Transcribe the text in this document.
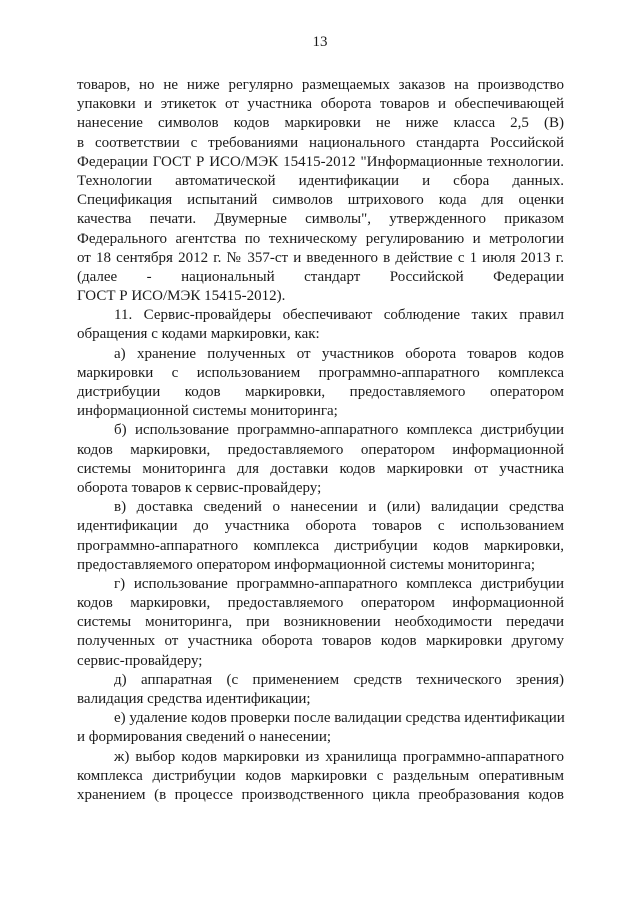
13
товаров, но не ниже регулярно размещаемых заказов на производство
упаковки и этикеток от участника оборота товаров и обеспечивающей
нанесение символов кодов маркировки не ниже класса 2,5 (В)
в соответствии с требованиями национального стандарта Российской
Федерации ГОСТ Р ИСО/МЭК 15415-2012 "Информационные технологии.
Технологии автоматической идентификации и сбора данных.
Спецификация испытаний символов штрихового кода для оценки
качества печати. Двумерные символы", утвержденного приказом
Федерального агентства по техническому регулированию и метрологии
от 18 сентября 2012 г. № 357-ст и введенного в действие с 1 июля 2013 г.
(далее - национальный стандарт Российской Федерации
ГОСТ Р ИСО/МЭК 15415-2012).
11. Сервис-провайдеры обеспечивают соблюдение таких правил
обращения с кодами маркировки, как:
а) хранение полученных от участников оборота товаров кодов
маркировки с использованием программно-аппаратного комплекса
дистрибуции кодов маркировки, предоставляемого оператором
информационной системы мониторинга;
б) использование программно-аппаратного комплекса дистрибуции
кодов маркировки, предоставляемого оператором информационной
системы мониторинга для доставки кодов маркировки от участника
оборота товаров к сервис-провайдеру;
в) доставка сведений о нанесении и (или) валидации средства
идентификации до участника оборота товаров с использованием
программно-аппаратного комплекса дистрибуции кодов маркировки,
предоставляемого оператором информационной системы мониторинга;
г) использование программно-аппаратного комплекса дистрибуции
кодов маркировки, предоставляемого оператором информационной
системы мониторинга, при возникновении необходимости передачи
полученных от участника оборота товаров кодов маркировки другому
сервис-провайдеру;
д) аппаратная (с применением средств технического зрения)
валидация средства идентификации;
е) удаление кодов проверки после валидации средства идентификации
и формирования сведений о нанесении;
ж) выбор кодов маркировки из хранилища программно-аппаратного
комплекса дистрибуции кодов маркировки с раздельным оперативным
хранением (в процессе производственного цикла преобразования кодов
